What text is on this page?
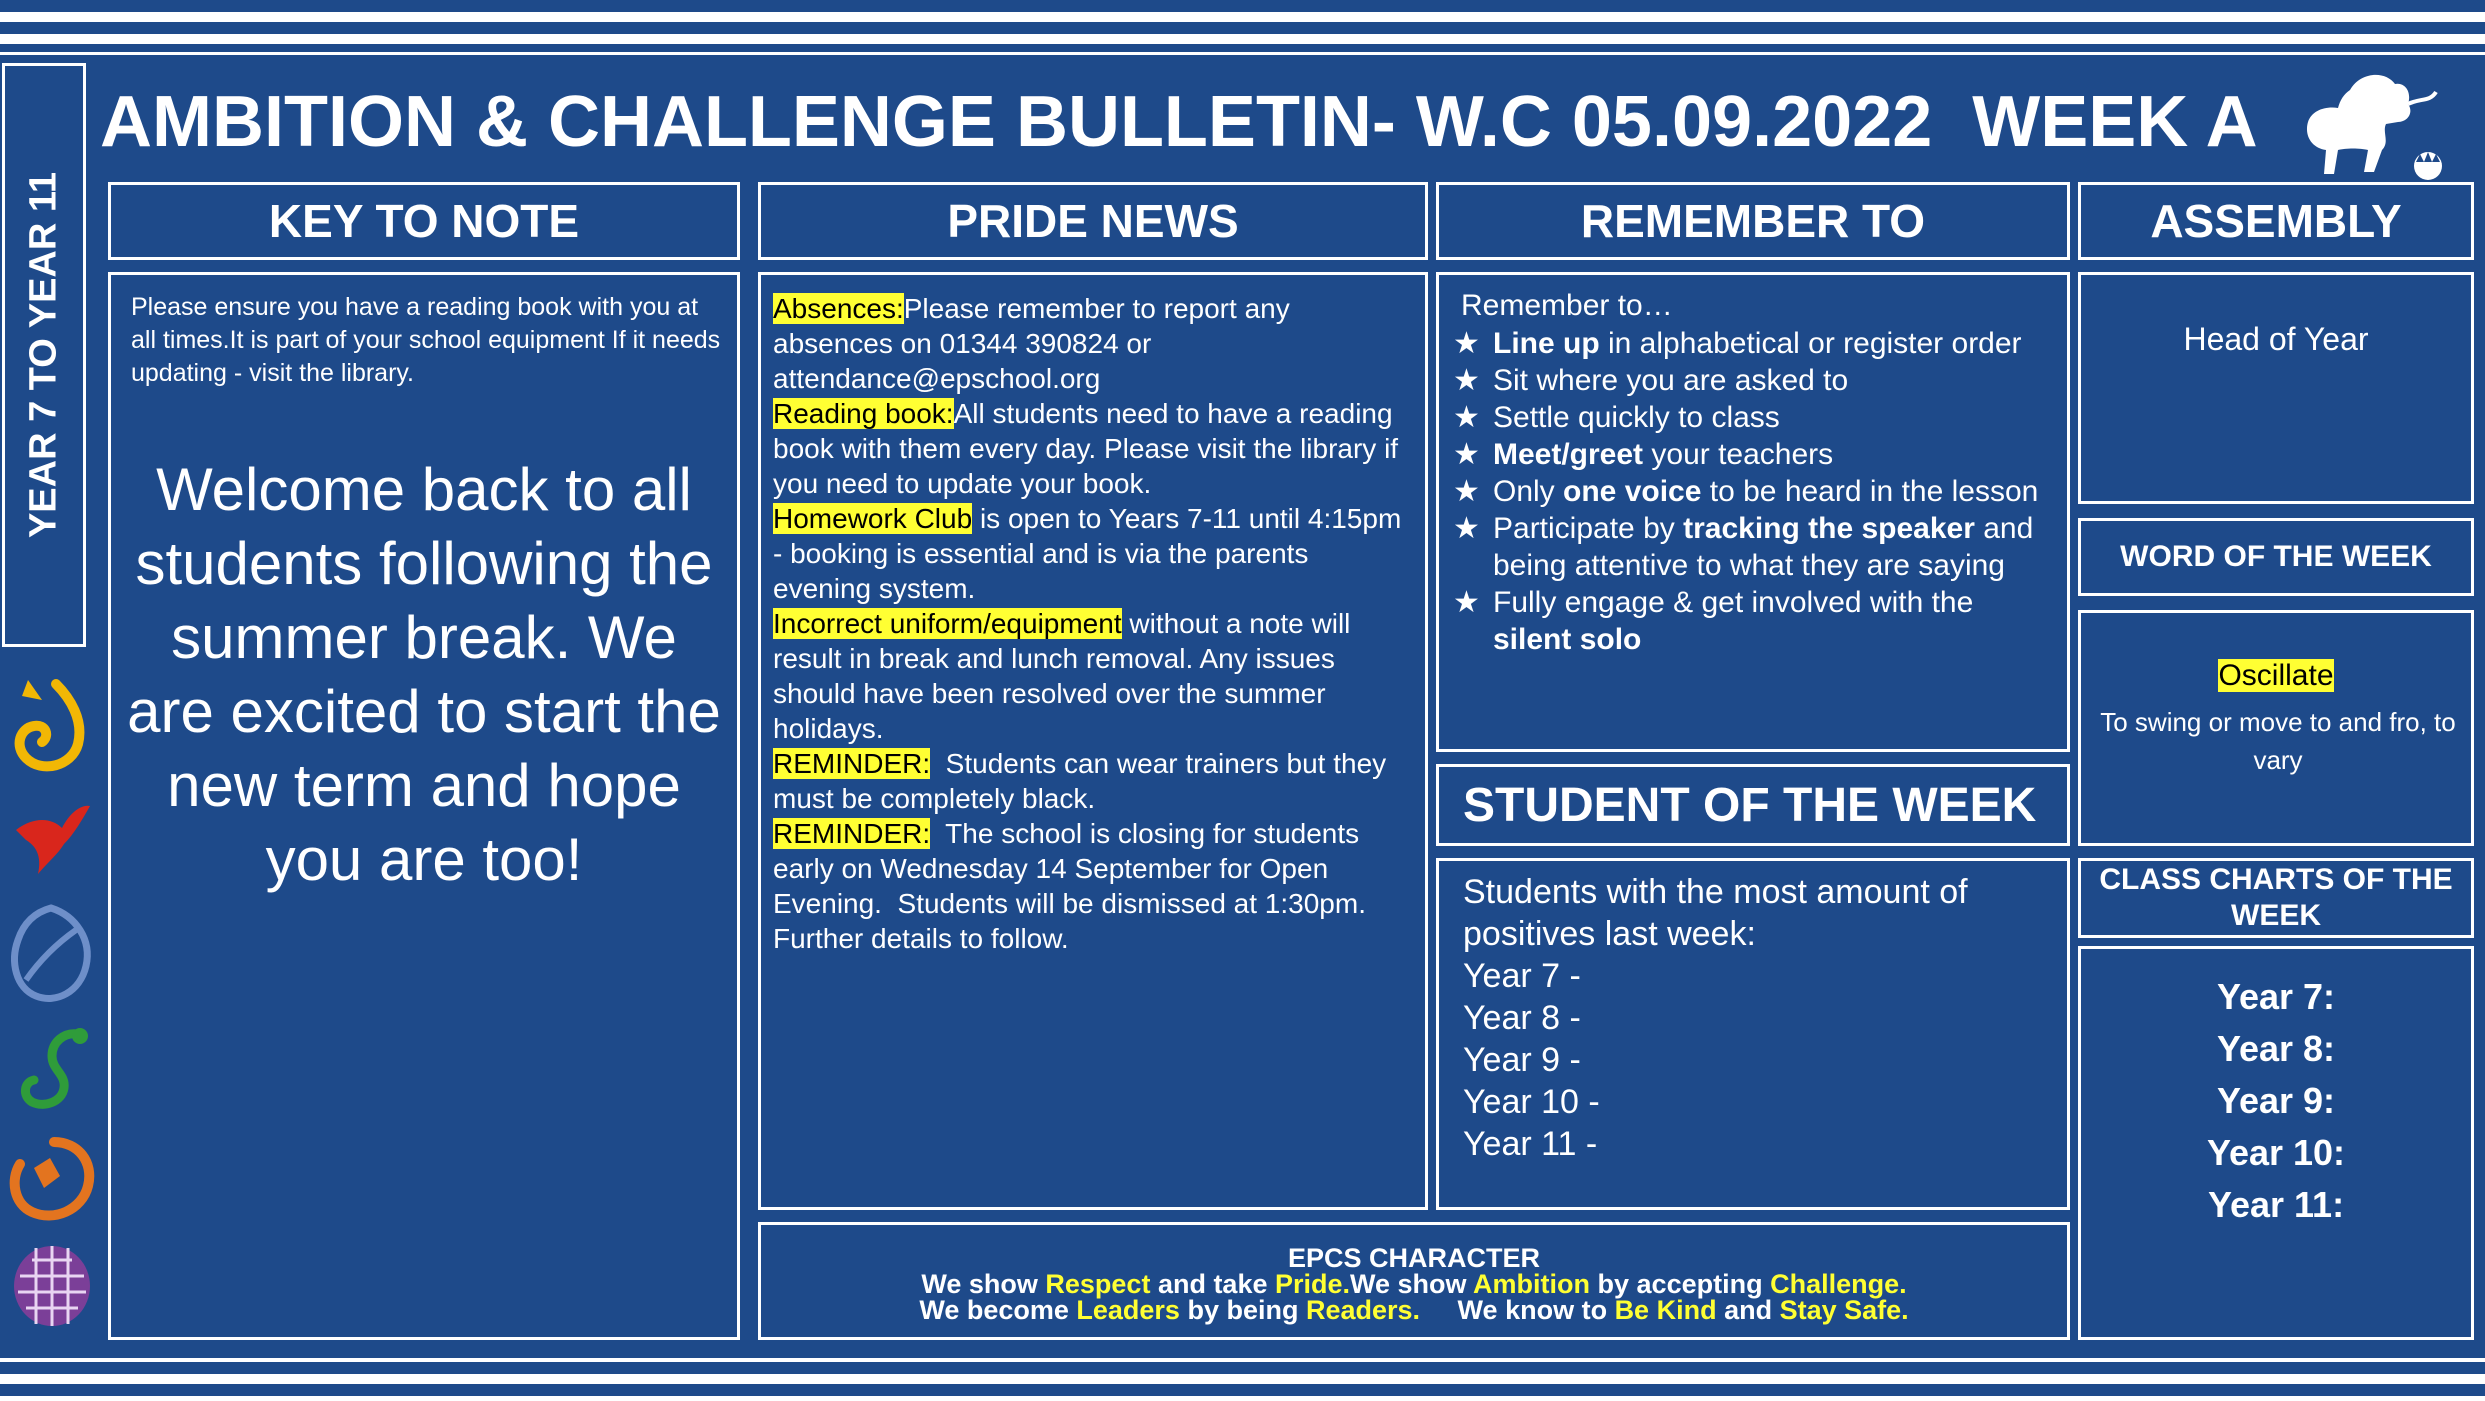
AMBITION & CHALLENGE BULLETIN- W.C 05.09.2022  WEEK A
YEAR 7 TO YEAR 11	KEY TO NOTE
Please ensure you have a reading book with you at all times.It is part of your school equipment If it needs updating - visit the library.
Welcome back to all students following the summer break. We are excited to start the new term and hope you are too!
PRIDE NEWS
Absences:Please remember to report any absences on 01344 390824 or attendance@epschool.org
Reading book:All students need to have a reading book with them every day. Please visit the library if you need to update your book.
Homework Club is open to Years 7-11 until 4:15pm - booking is essential and is via the parents evening system.
Incorrect uniform/equipment without a note will result in break and lunch removal. Any issues should have been resolved over the summer holidays.
REMINDER:  Students can wear trainers but they must be completely black.
REMINDER:  The school is closing for students early on Wednesday 14 September for Open Evening.  Students will be dismissed at 1:30pm. Further details to follow.
REMEMBER TO
Remember to…
★ Line up in alphabetical or register order
★ Sit where you are asked to
★ Settle quickly to class
★ Meet/greet your teachers
★ Only one voice to be heard in the lesson
★ Participate by tracking the speaker and being attentive to what they are saying
★ Fully engage & get involved with the silent solo
STUDENT OF THE WEEK
Students with the most amount of positives last week:
Year 7 -
Year 8 -
Year 9 -
Year 10 -
Year 11 -
EPCS CHARACTER
We show Respect and take Pride.We show Ambition by accepting Challenge.
We become Leaders by being Readers.     We know to Be Kind and Stay Safe.
ASSEMBLY
Head of Year
WORD OF THE WEEK
Oscillate
To swing or move to and fro, to vary
CLASS CHARTS OF THE WEEK
Year 7:
Year 8:
Year 9:
Year 10:
Year 11:
